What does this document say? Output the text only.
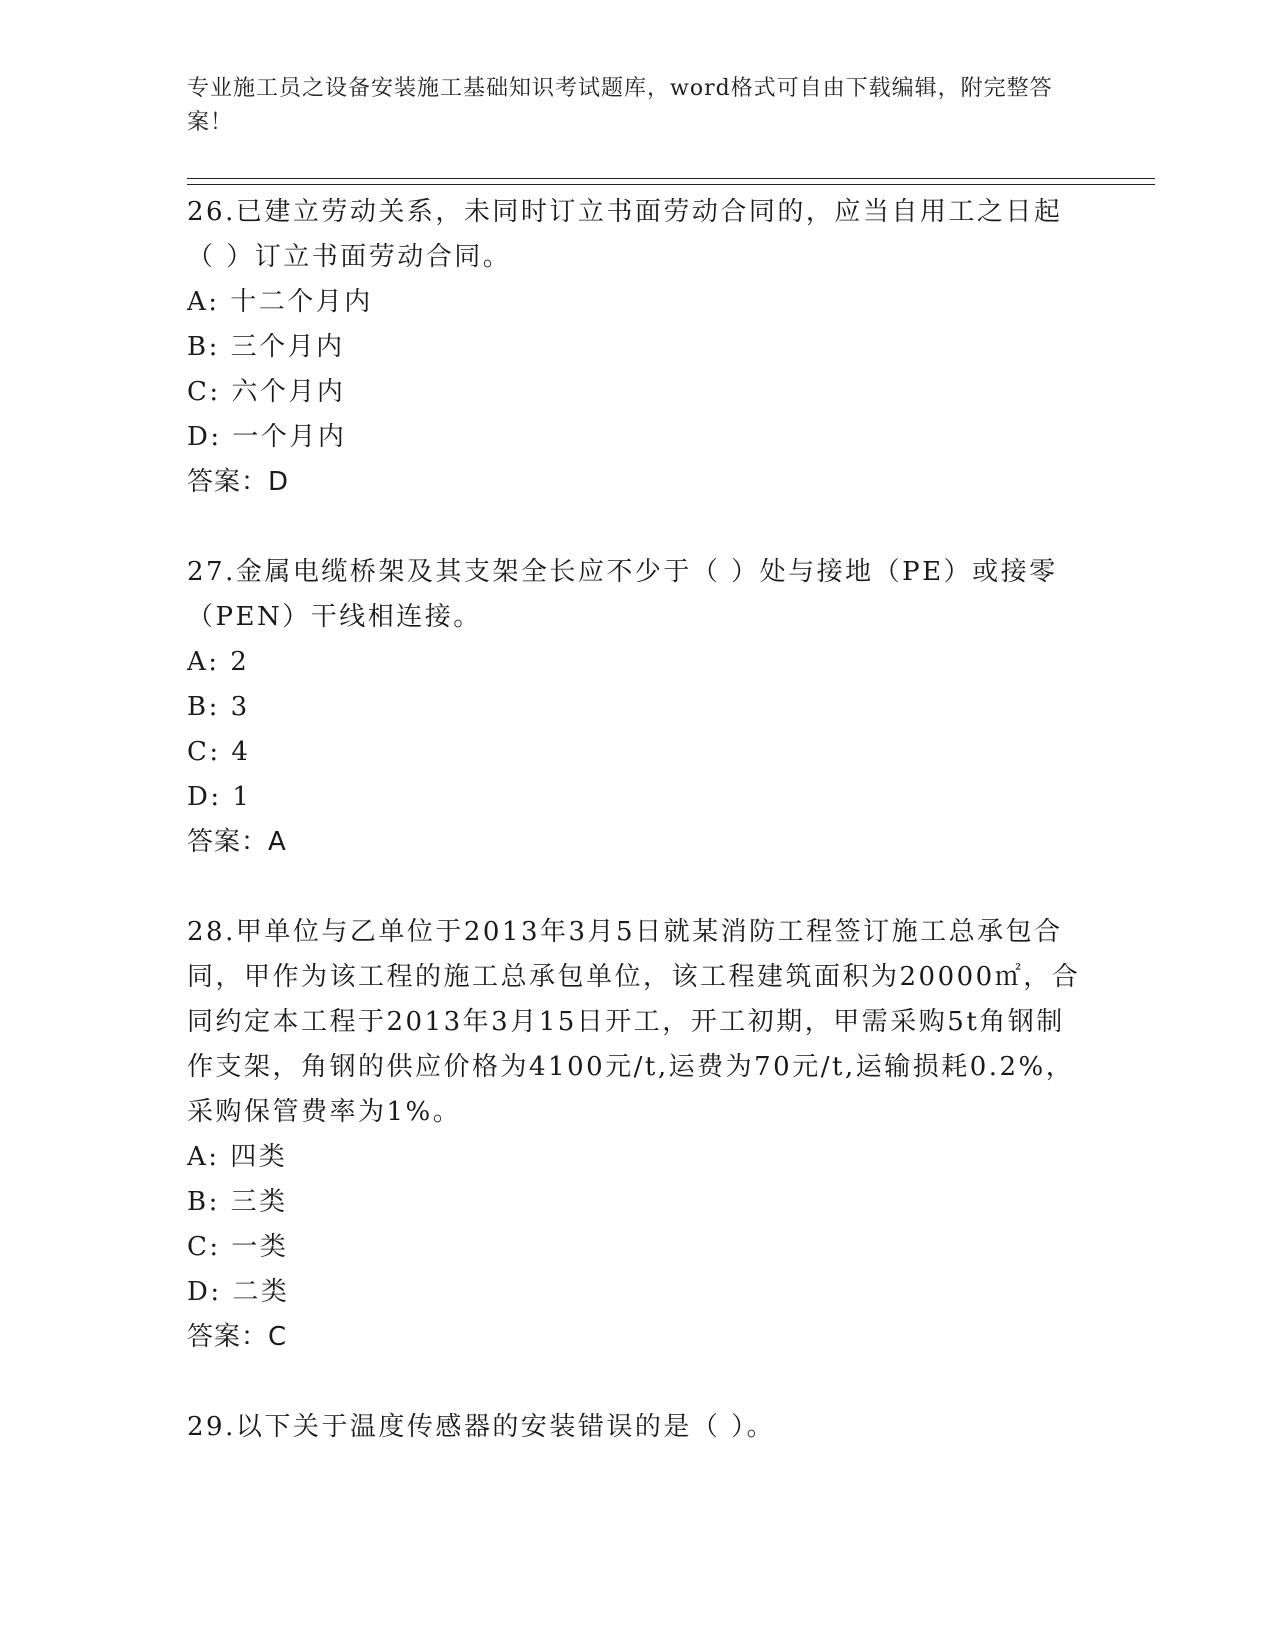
专业施工员之设备安装施工基础知识考试题库，word格式可自由下载编辑，附完整答案！

26.已建立劳动关系，未同时订立书面劳动合同的，应当自用工之日起（ ）订立书面劳动合同。

A: 十二个月内

B: 三个月内

C: 六个月内

D: 一个月内

答案：D

27.金属电缆桥架及其支架全长应不少于（ ）处与接地（PE）或接零（PEN）干线相连接。

A: 2

B: 3

C: 4

D: 1

答案：A

28.甲单位与乙单位于2013年3月5日就某消防工程签订施工总承包合同，甲作为该工程的施工总承包单位，该工程建筑面积为20000㎡，合同约定本工程于2013年3月15日开工，开工初期，甲需采购5t角钢制作支架，角钢的供应价格为4100元/t,运费为70元/t,运输损耗0.2%，采购保管费率为1%。

A: 四类

B: 三类

C: 一类

D: 二类

答案：C

29.以下关于温度传感器的安装错误的是（ ）。
